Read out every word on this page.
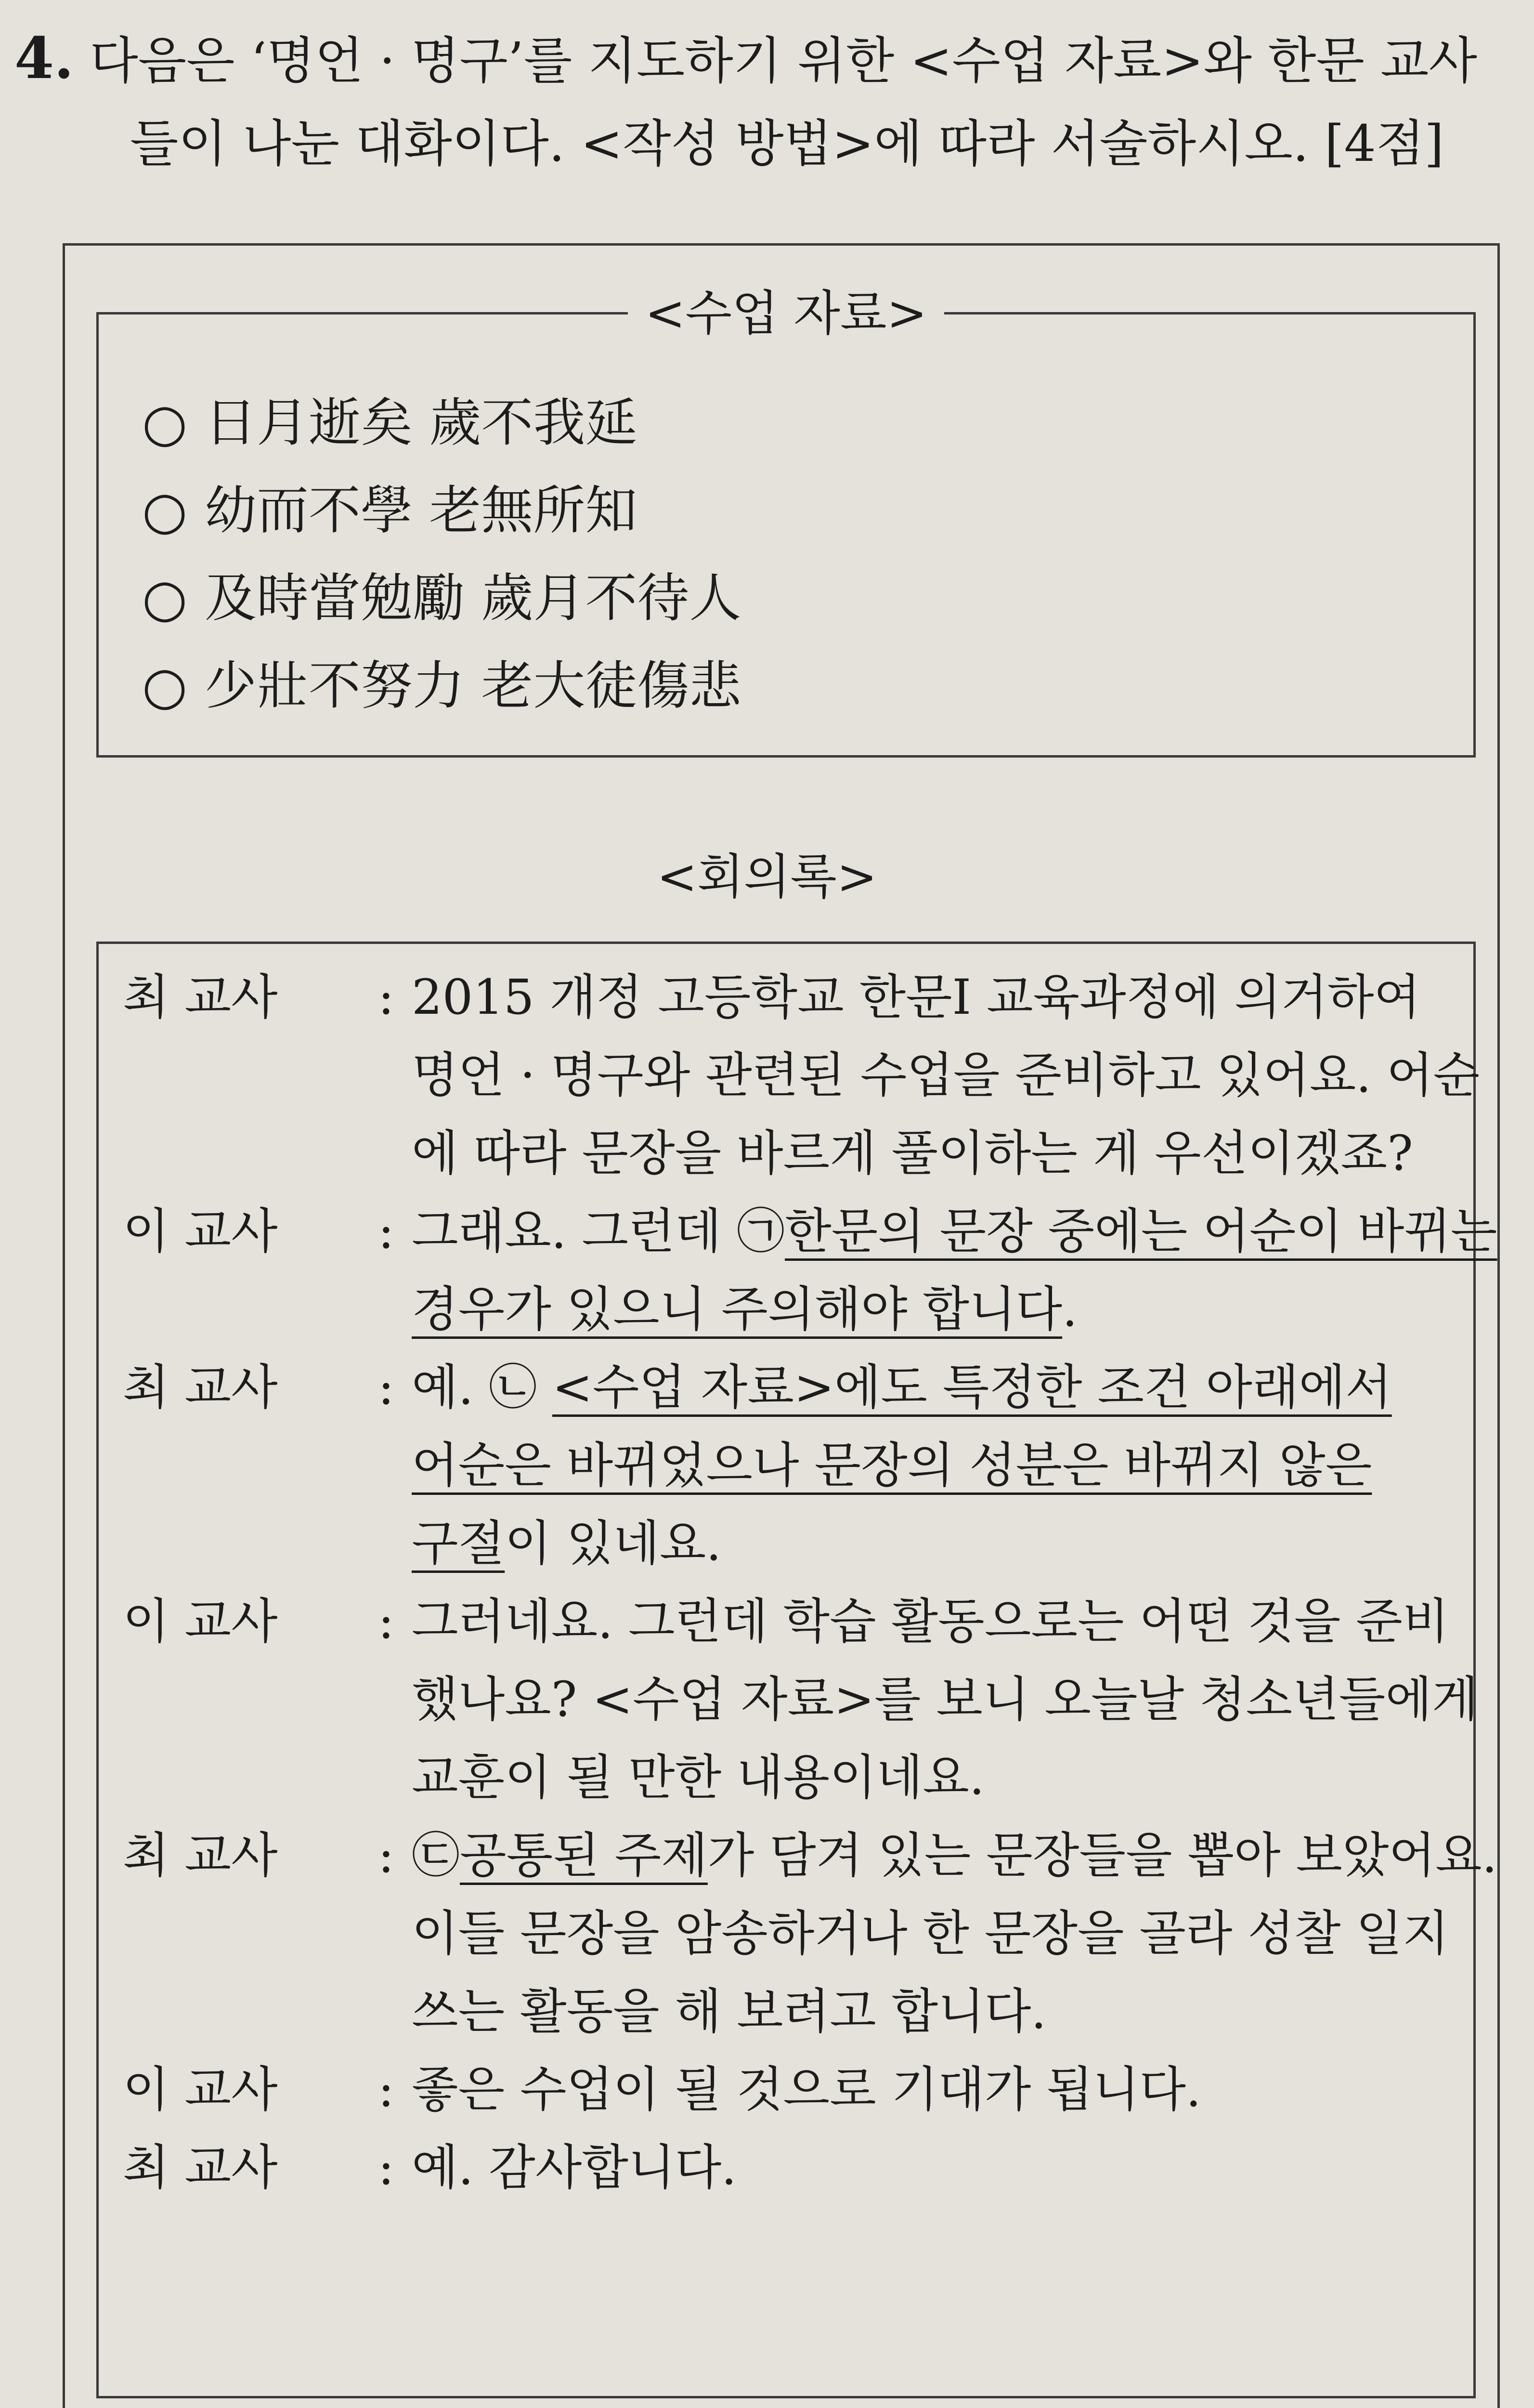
4. 다음은 ‘명언 · 명구’를 지도하기 위한 <수업 자료>와 한문 교사
들이 나눈 대화이다. <작성 방법>에 따라 서술하시오. [4점]
<수업 자료>
○ 日月逝矣 歲不我延
○ 幼而不學 老無所知
○ 及時當勉勵 歲月不待人
○ 少壯不努力 老大徒傷悲
<회의록>
최 교사 : 2015 개정 고등학교 한문Ⅰ 교육과정에 의거하여
명언 · 명구와 관련된 수업을 준비하고 있어요. 어순
에 따라 문장을 바르게 풀이하는 게 우선이겠죠?
이 교사 : 그래요. 그런데 ㉠한문의 문장 중에는 어순이 바뀌는
경우가 있으니 주의해야 합니다.
최 교사 : 예. ㉡ <수업 자료>에도 특정한 조건 아래에서
어순은 바뀌었으나 문장의 성분은 바뀌지 않은
구절이 있네요.
이 교사 : 그러네요. 그런데 학습 활동으로는 어떤 것을 준비
했나요? <수업 자료>를 보니 오늘날 청소년들에게
교훈이 될 만한 내용이네요.
최 교사 : ㉢공통된 주제가 담겨 있는 문장들을 뽑아 보았어요.
이들 문장을 암송하거나 한 문장을 골라 성찰 일지
쓰는 활동을 해 보려고 합니다.
이 교사 : 좋은 수업이 될 것으로 기대가 됩니다.
최 교사 : 예. 감사합니다.
